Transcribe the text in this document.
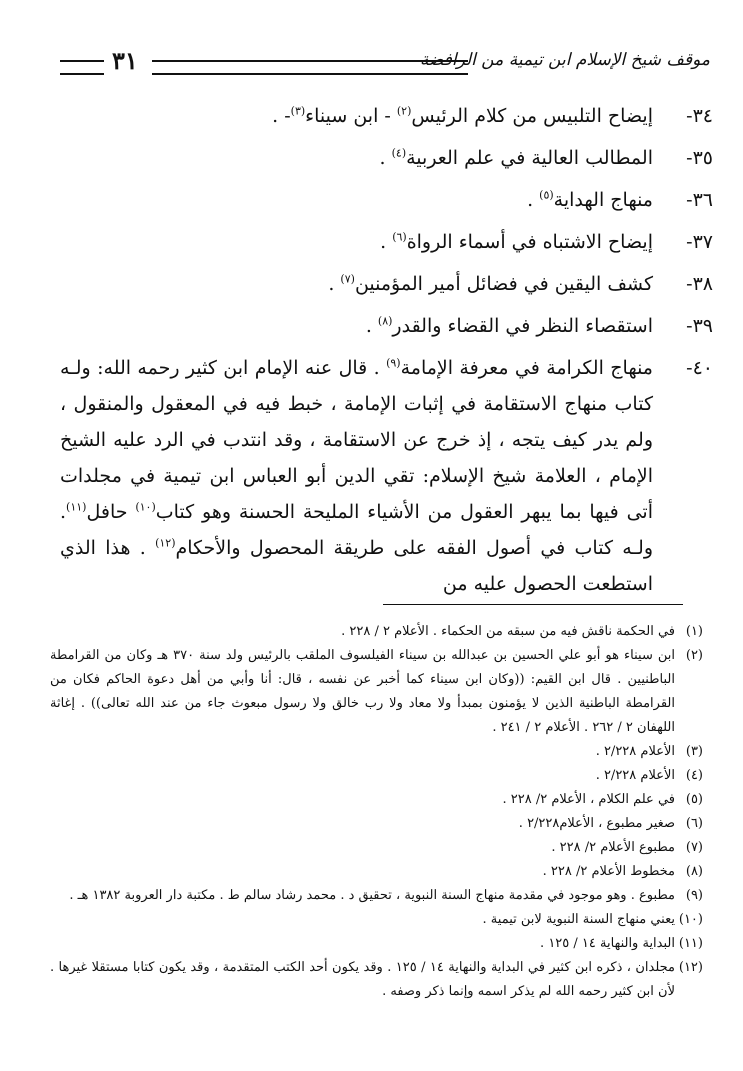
موقف شيخ الإسلام ابن تيمية من الرافضة
٣١
٣٤-
إيضاح التلبيس من كلام الرئيس$^{(٢)}$ - ابن سيناء$^{(٣)}$- .
٣٥-
المطالب العالية في علم العربية$^{(٤)}$ .
٣٦-
منهاج الهداية$^{(٥)}$ .
٣٧-
إيضاح الاشتباه في أسماء الرواة$^{(٦)}$ .
٣٨-
كشف اليقين في فضائل أمير المؤمنين$^{(٧)}$ .
٣٩-
استقصاء النظر في القضاء والقدر$^{(٨)}$ .
٤٠-
منهاج الكرامة في معرفة الإمامة$^{(٩)}$ . قال عنه الإمام ابن كثير رحمه الله: ولـه كتاب منهاج الاستقامة في إثبات الإمامة ، خبط فيه في المعقول والمنقول ، ولم يدر كيف يتجه ، إذ خرج عن الاستقامة ، وقد انتدب في الرد عليه الشيخ الإمام ، العلامة شيخ الإسلام: تقي الدين أبو العباس ابن تيمية في مجلدات أتى فيها بما يبهر العقول من الأشياء المليحة الحسنة وهو كتاب$^{(١٠)}$ حافل$^{(١١)}$. ولـه كتاب في أصول الفقه على طريقة المحصول والأحكام$^{(١٢)}$ . هذا الذي استطعت الحصول عليه من
(١)
في الحكمة ناقش فيه من سبقه من الحكماء . الأعلام ٢ / ٢٢٨ .
(٢)
ابن سيناء هو أبو علي الحسين بن عبدالله بن سيناء الفيلسوف الملقب بالرئيس ولد سنة ٣٧٠ هـ وكان من القرامطة الباطنيين . قال ابن القيم: ((وكان ابن سيناء كما أخبر عن نفسه ، قال: أنا وأبي من أهل دعوة الحاكم فكان من القرامطة الباطنية الذين لا يؤمنون بمبدأ ولا معاد ولا رب خالق ولا رسول مبعوث جاء من عند الله تعالى)) . إغاثة اللهفان ٢ / ٢٦٢ . الأعلام ٢ / ٢٤١ .
(٣)
الأعلام ٢/٢٢٨ .
(٤)
الأعلام ٢/٢٢٨ .
(٥)
في علم الكلام ، الأعلام ٢/ ٢٢٨ .
(٦)
صغير مطبوع ، الأعلام٢/٢٢٨ .
(٧)
مطبوع الأعلام ٢/ ٢٢٨ .
(٨)
مخطوط الأعلام ٢/ ٢٢٨ .
(٩)
مطبوع . وهو موجود في مقدمة منهاج السنة النبوية ، تحقيق د . محمد رشاد سالم ط . مكتبة دار العروبة ١٣٨٢ هـ .
(١٠)
يعني منهاج السنة النبوية لابن تيمية .
(١١)
البداية والنهاية ١٤ / ١٢٥ .
(١٢)
مجلدان ، ذكره ابن كثير في البداية والنهاية ١٤ / ١٢٥ . وقد يكون أحد الكتب المتقدمة ، وقد يكون كتابا مستقلا غيرها . لأن ابن كثير رحمه الله لم يذكر اسمه وإنما ذكر وصفه .
